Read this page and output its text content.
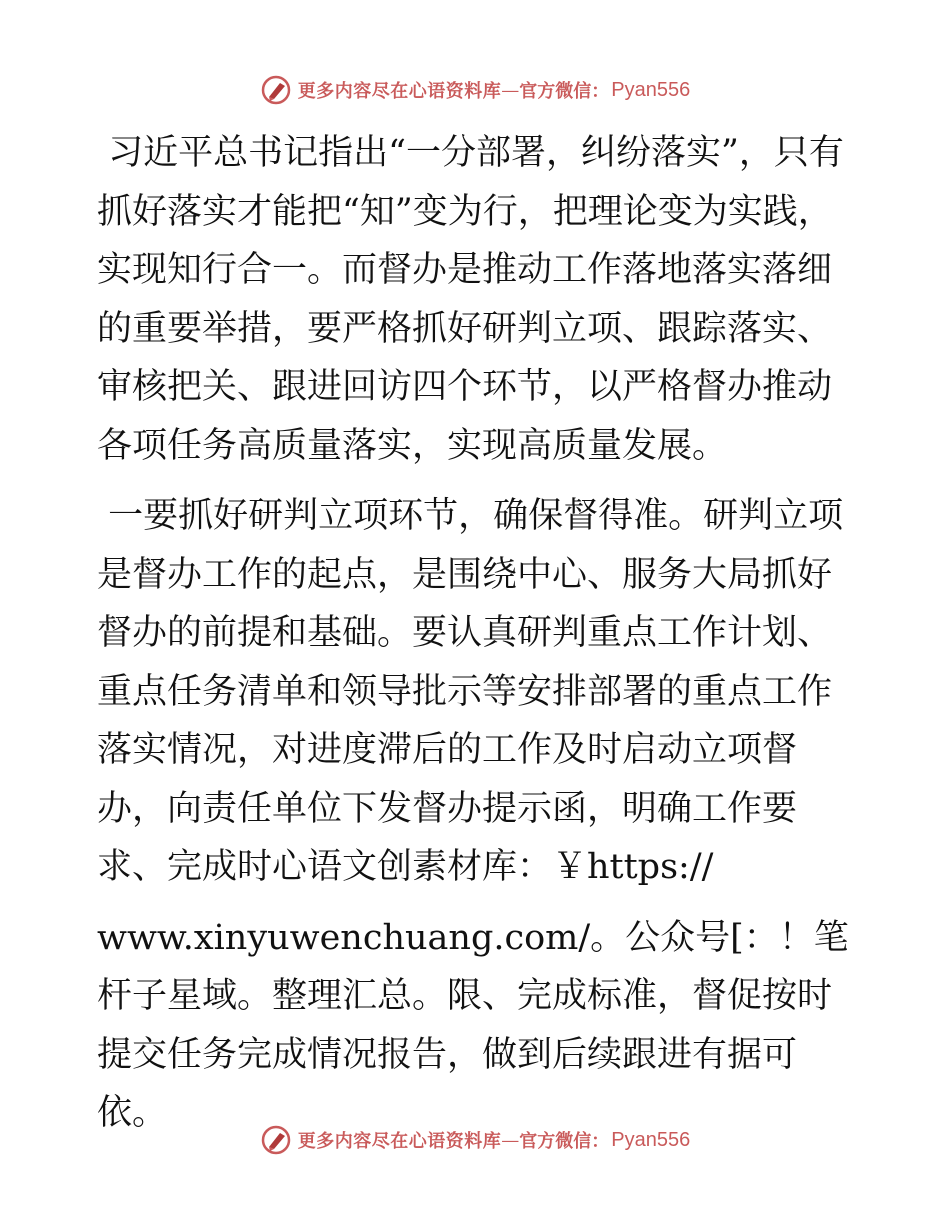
更多内容尽在心语资料库 — 官方微信： Pyan556

习近平总书记指出“一分部署，纠纷落实”，只有抓好落实才能把“知”变为行，把理论变为实践，实现知行合一。而督办是推动工作落地落实落细的重要举措，要严格抓好研判立项、跟踪落实、审核把关、跟进回访四个环节，以严格督办推动各项任务高质量落实，实现高质量发展。

一要抓好研判立项环节，确保督得准。研判立项是督办工作的起点，是围绕中心、服务大局抓好督办的前提和基础。要认真研判重点工作计划、重点任务清单和领导批示等安排部署的重点工作落实情况，对进度滞后的工作及时启动立项督办，向责任单位下发督办提示函，明确工作要求、完成时心语文创素材库：￥https://

www.xinyuwenchuang.com/。公众号[：！笔杆子星域。整理汇总。限、完成标准，督促按时提交任务完成情况报告，做到后续跟进有据可依。

更多内容尽在心语资料库 — 官方微信： Pyan556
